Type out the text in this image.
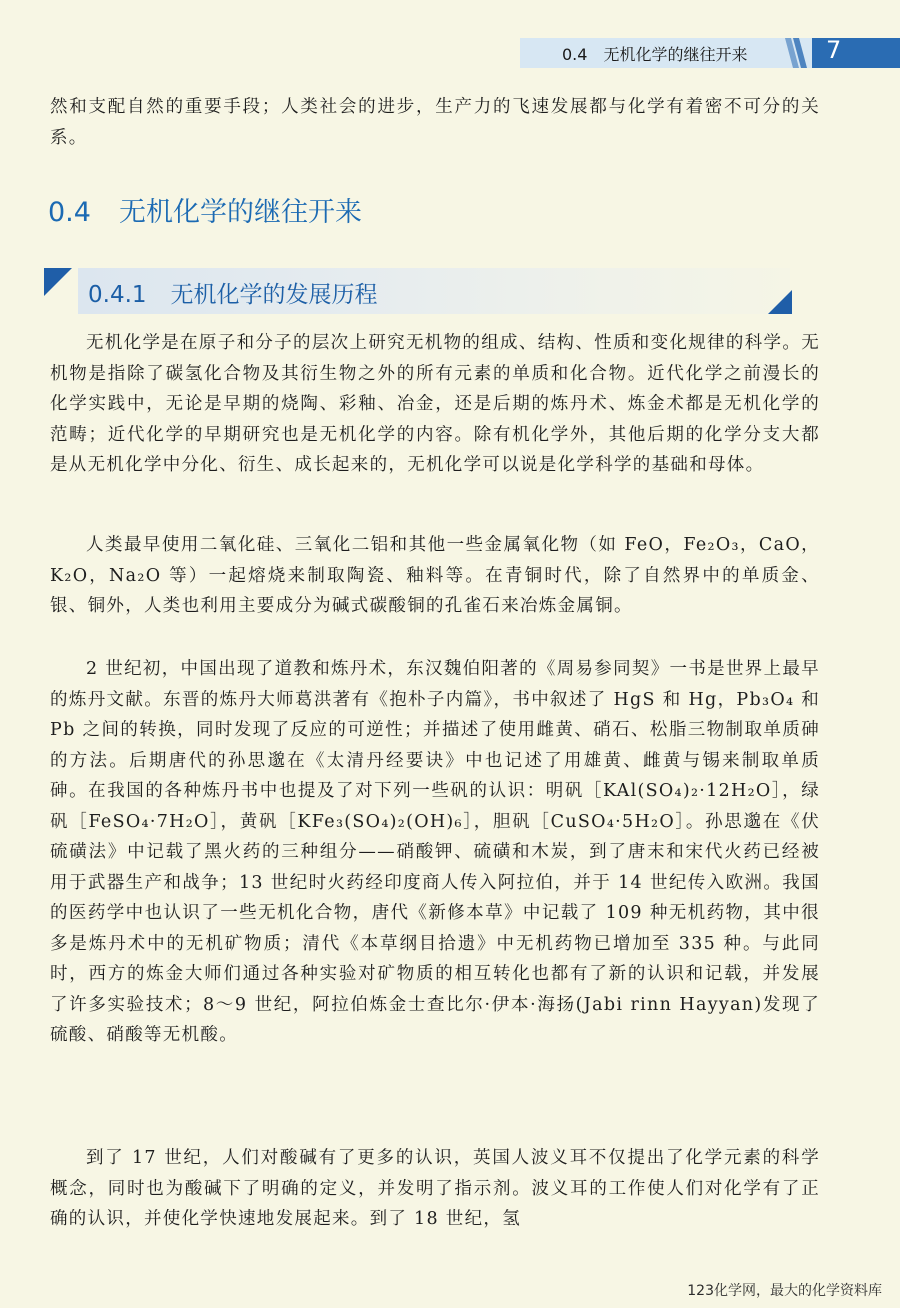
0.4　无机化学的继往开来	7

然和支配自然的重要手段；人类社会的进步，生产力的飞速发展都与化学有着密不可分的关系。

0.4 无机化学的继往开来
0.4.1 无机化学的发展历程

无机化学是在原子和分子的层次上研究无机物的组成、结构、性质和变化规律的科学。无机物是指除了碳氢化合物及其衍生物之外的所有元素的单质和化合物。近代化学之前漫长的化学实践中，无论是早期的烧陶、彩釉、冶金，还是后期的炼丹术、炼金术都是无机化学的范畴；近代化学的早期研究也是无机化学的内容。除有机化学外，其他后期的化学分支大都是从无机化学中分化、衍生、成长起来的，无机化学可以说是化学科学的基础和母体。

人类最早使用二氧化硅、三氧化二铝和其他一些金属氧化物（如 FeO，Fe₂O₃，CaO，K₂O，Na₂O 等）一起熔烧来制取陶瓷、釉料等。在青铜时代，除了自然界中的单质金、银、铜外，人类也利用主要成分为碱式碳酸铜的孔雀石来冶炼金属铜。

2 世纪初，中国出现了道教和炼丹术，东汉魏伯阳著的《周易参同契》一书是世界上最早的炼丹文献。东晋的炼丹大师葛洪著有《抱朴子内篇》，书中叙述了 HgS 和 Hg，Pb₃O₄ 和 Pb 之间的转换，同时发现了反应的可逆性；并描述了使用雌黄、硝石、松脂三物制取单质砷的方法。后期唐代的孙思邈在《太清丹经要诀》中也记述了用雄黄、雌黄与锡来制取单质砷。在我国的各种炼丹书中也提及了对下列一些矾的认识：明矾［KAl(SO₄)₂·12H₂O］，绿矾［FeSO₄·7H₂O］，黄矾［KFe₃(SO₄)₂(OH)₆］，胆矾［CuSO₄·5H₂O］。孙思邈在《伏硫磺法》中记载了黑火药的三种组分——硝酸钾、硫磺和木炭，到了唐末和宋代火药已经被用于武器生产和战争；13 世纪时火药经印度商人传入阿拉伯，并于 14 世纪传入欧洲。我国的医药学中也认识了一些无机化合物，唐代《新修本草》中记载了 109 种无机药物，其中很多是炼丹术中的无机矿物质；清代《本草纲目拾遗》中无机药物已增加至 335 种。与此同时，西方的炼金大师们通过各种实验对矿物质的相互转化也都有了新的认识和记载，并发展了许多实验技术；8～9 世纪，阿拉伯炼金士查比尔·伊本·海扬(Jabi rinn Hayyan)发现了硫酸、硝酸等无机酸。

到了 17 世纪，人们对酸碱有了更多的认识，英国人波义耳不仅提出了化学元素的科学概念，同时也为酸碱下了明确的定义，并发明了指示剂。波义耳的工作使人们对化学有了正确的认识，并使化学快速地发展起来。到了 18 世纪，氢

123化学网，最大的化学资料库
